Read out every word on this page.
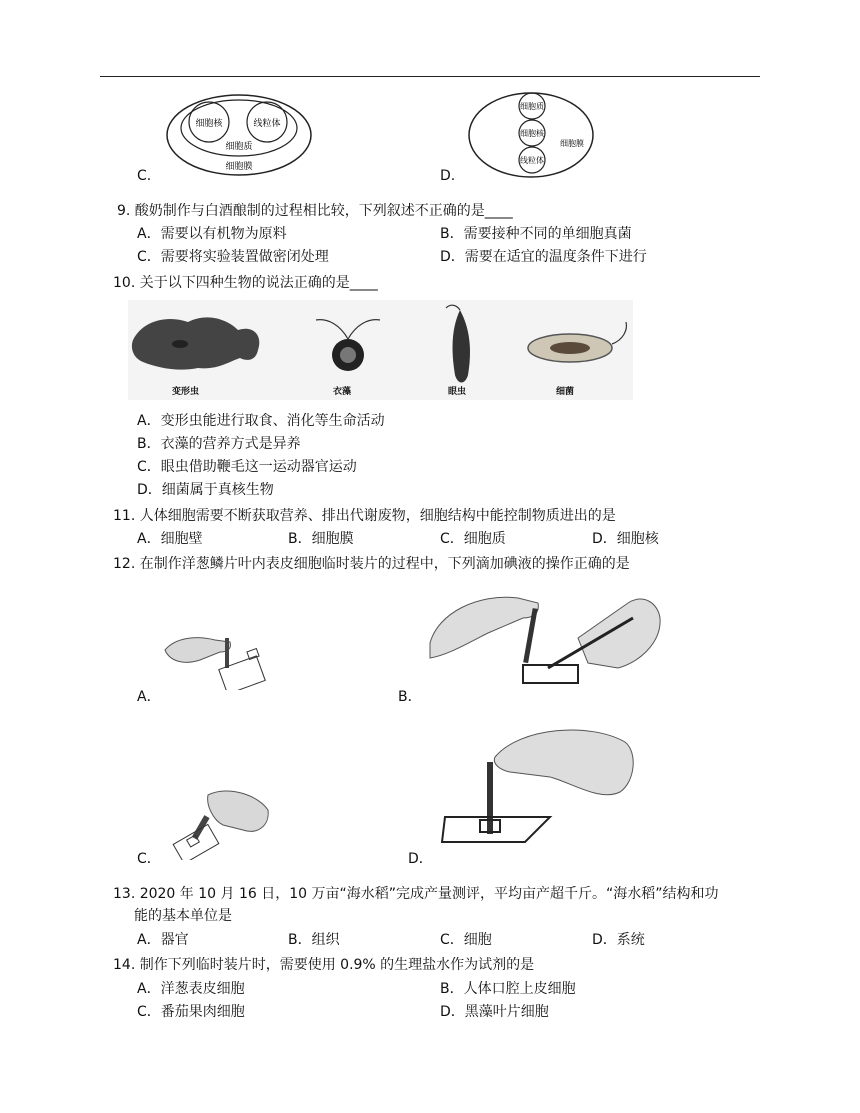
细胞核	线粒体
细胞质
细胞膜
C.
细胞质
细胞核
线粒体
细胞膜
D.
9. 酸奶制作与白酒酿制的过程相比较，下列叙述不正确的是____
A．需要以有机物为原料	B．需要接种不同的单细胞真菌
C．需要将实验装置做密闭处理	D．需要在适宜的温度条件下进行
10. 关于以下四种生物的说法正确的是____
变形虫	衣藻	眼虫	细菌
A．变形虫能进行取食、消化等生命活动
B．衣藻的营养方式是异养
C．眼虫借助鞭毛这一运动器官运动
D．细菌属于真核生物
11. 人体细胞需要不断获取营养、排出代谢废物，细胞结构中能控制物质进出的是
A．细胞壁	B．细胞膜	C．细胞质	D．细胞核
12. 在制作洋葱鳞片叶内表皮细胞临时装片的过程中，下列滴加碘液的操作正确的是
A．	B．
C．	D．
13. 2020 年 10 月 16 日，10 万亩“海水稻”完成产量测评，平均亩产超千斤。“海水稻”结构和功
能的基本单位是
A．器官	B．组织	C．细胞	D．系统
14. 制作下列临时装片时，需要使用 0.9% 的生理盐水作为试剂的是
A．洋葱表皮细胞	B．人体口腔上皮细胞
C．番茄果肉细胞	D．黑藻叶片细胞
